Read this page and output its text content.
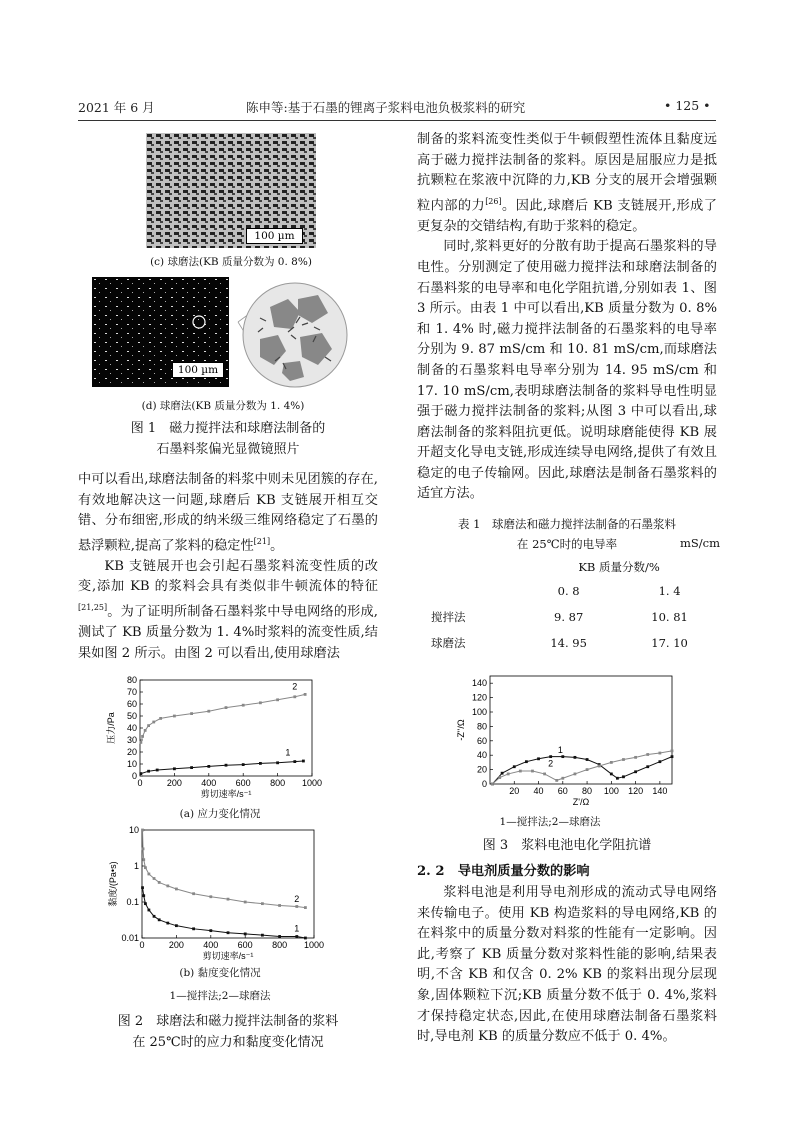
2021 年 6 月	陈申等:基于石墨的锂离子浆料电池负极浆料的研究	• 125 •
100 µm
(c) 球磨法(KB 质量分数为 0. 8%)
100 µm
(d) 球磨法(KB 质量分数为 1. 4%)
图 1　磁力搅拌法和球磨法制备的
石墨料浆偏光显微镜照片

中可以看出,球磨法制备的料浆中则未见团簇的存在,有效地解决这一问题,球磨后 KB 支链展开相互交错、分布细密,形成的纳米级三维网络稳定了石墨的悬浮颗粒,提高了浆料的稳定性[21]。

KB 支链展开也会引起石墨浆料流变性质的改变,添加 KB 的浆料会具有类似非牛顿流体的特征[21,25]。为了证明所制备石墨料浆中导电网络的形成,测试了 KB 质量分数为 1. 4%时浆料的流变性质,结果如图 2 所示。由图 2 可以看出,使用球磨法

0	200 400 600 800 1000
0
10
20
30
40
50
60
70
80
剪切速率/s⁻¹
压力/Pa
1
2
(a) 应力变化情况
0	200 400 600 800 1000
0.01
0.1
1
10
剪切速率/s⁻¹
黏度/(Pa•s)
1
2
(b) 黏度变化情况
1—搅拌法;2—球磨法
图 2　球磨法和磁力搅拌法制备的浆料
在 25℃时的应力和黏度变化情况

制备的浆料流变性类似于牛顿假塑性流体且黏度远高于磁力搅拌法制备的浆料。原因是屈服应力是抵抗颗粒在浆液中沉降的力,KB 分支的展开会增强颗粒内部的力[26]。因此,球磨后 KB 支链展开,形成了更复杂的交错结构,有助于浆料的稳定。

同时,浆料更好的分散有助于提高石墨浆料的导电性。分别测定了使用磁力搅拌法和球磨法制备的石墨料浆的电导率和电化学阻抗谱,分别如表 1、图 3 所示。由表 1 中可以看出,KB 质量分数为 0. 8% 和 1. 4% 时,磁力搅拌法制备的石墨浆料的电导率分别为 9. 87 mS/cm 和 10. 81 mS/cm,而球磨法制备的石墨浆料电导率分别为 14. 95 mS/cm 和 17. 10 mS/cm,表明球磨法制备的浆料导电性明显强于磁力搅拌法制备的浆料;从图 3 中可以看出,球磨法制备的浆料阻抗更低。说明球磨能使得 KB 展开超支化导电支链,形成连续导电网络,提供了有效且稳定的电子传输网。因此,球磨法是制备石墨浆料的适宜方法。

表 1　球磨法和磁力搅拌法制备的石墨浆料
在 25℃时的电导率	mS/cm
	KB 质量分数/%	
	0. 8	1. 4
搅拌法	9. 87	10. 81
球磨法	14. 95	17. 10
20 40 60 80 100 120 140
0
20
40
60
80
100
120
140
Z'/Ω
-Z''/Ω
1
2
1—搅拌法;2—球磨法
图 3　浆料电池电化学阻抗谱
2. 2　导电剂质量分数的影响

浆料电池是利用导电剂形成的流动式导电网络来传输电子。使用 KB 构造浆料的导电网络,KB 的在料浆中的质量分数对料浆的性能有一定影响。因此,考察了 KB 质量分数对浆料性能的影响,结果表明,不含 KB 和仅含 0. 2% KB 的浆料出现分层现象,固体颗粒下沉;KB 质量分数不低于 0. 4%,浆料才保持稳定状态,因此,在使用球磨法制备石墨浆料时,导电剂 KB 的质量分数应不低于 0. 4%。
